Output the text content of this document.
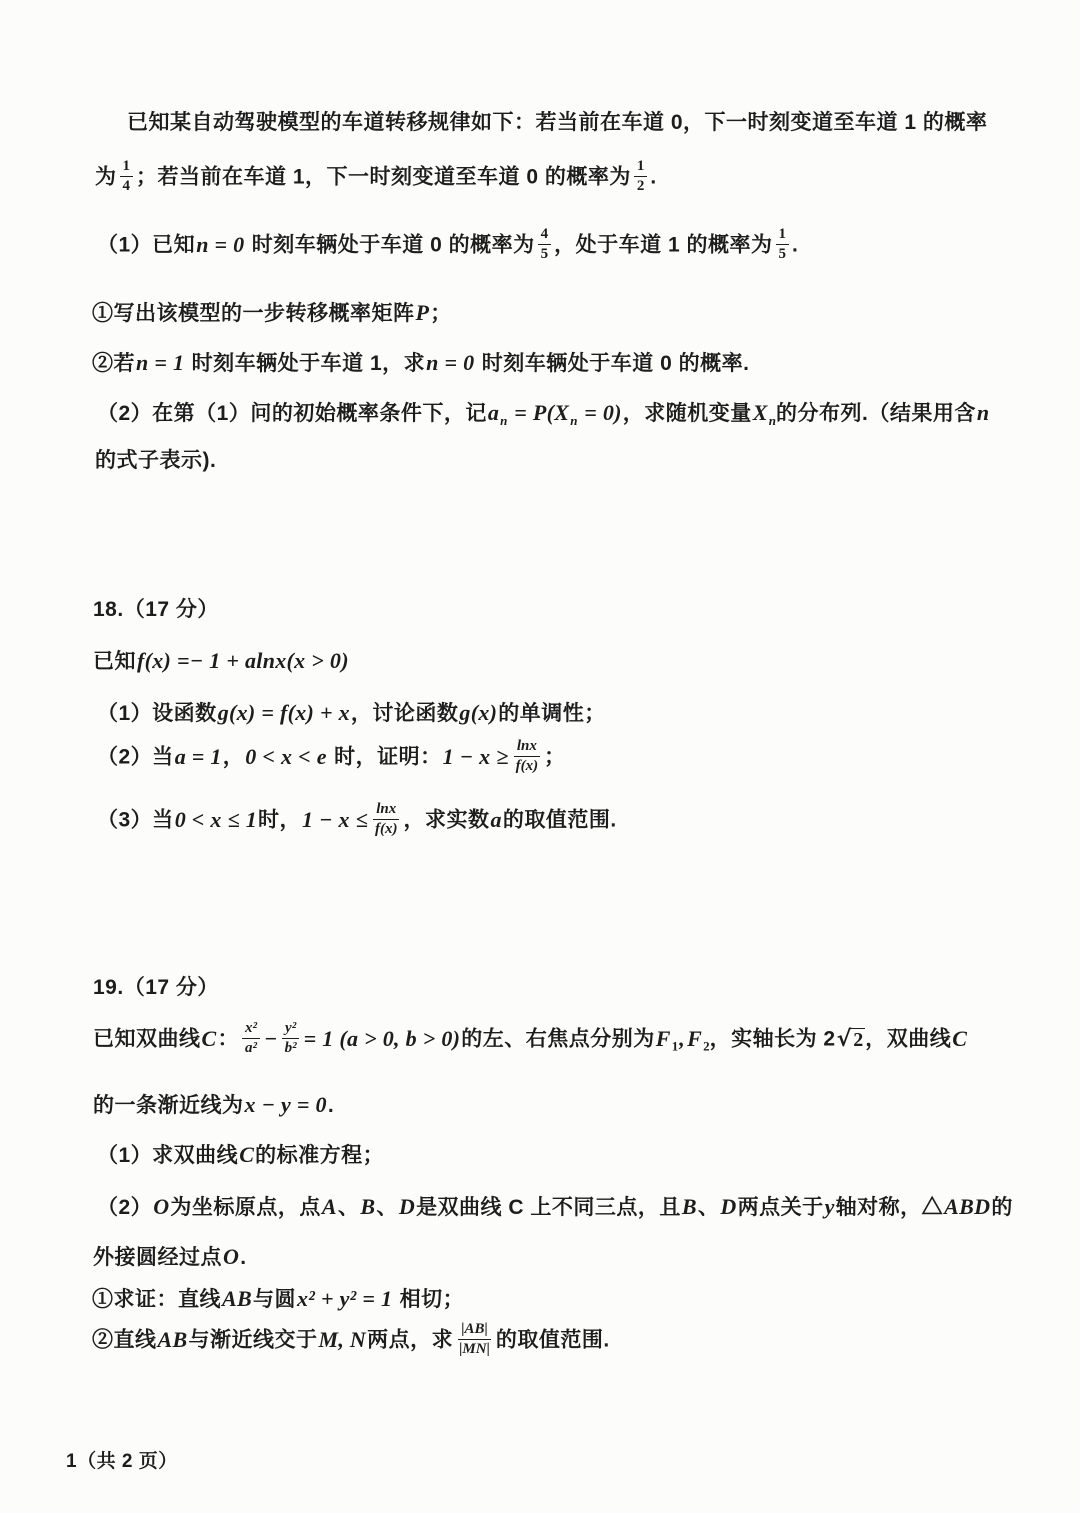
已知某自动驾驶模型的车道转移规律如下：若当前在车道 0，下一时刻变道至车道 1 的概率
为 $\frac{1}{4}$ ；若当前在车道 1，下一时刻变道至车道 0 的概率为 $\frac{1}{2}$ .
（1）已知n = 0 时刻车辆处于车道 0 的概率为 $\frac{4}{5}$ ，处于车道 1 的概率为 $\frac{1}{5}$ .
①写出该模型的一步转移概率矩阵P；
②若n = 1 时刻车辆处于车道 1，求n = 0 时刻车辆处于车道 0 的概率.
（2）在第（1）问的初始概率条件下，记$a_n = P(X_n = 0)$，求随机变量$X_n$的分布列.（结果用含n
的式子表示).
18.（17 分）
已知f(x) =− 1 + alnx(x > 0)
（1）设函数g(x) = f(x) + x，讨论函数g(x)的单调性；
（2）当a = 1，0 < x < e 时，证明：$1 - x \ge \frac{\ln x}{f(x)}$ ；
（3）当0 < x ≤ 1时，$1 - x \le \frac{\ln x}{f(x)}$ ，求实数a的取值范围.
19.（17 分）
已知双曲线C： $\frac{\text{x²}}{\text{a²}} - \frac{\text{y²}}{\text{b²}} = 1$ (a > 0, b > 0)的左、右焦点分别为$F_1,F_2$，实轴长为 2√ 2，双曲线C
的一条渐近线为x − y = 0.
（1）求双曲线C的标准方程；
（2）O为坐标原点，点A、B、D是双曲线 C 上不同三点，且B、D两点关于y轴对称，△ABD的
外接圆经过点O.
①求证：直线AB与圆x² + y² = 1 相切；
②直线AB与渐近线交于M, N两点，求 $\frac{|AB|}{|MN|}$ 的取值范围.
1（共 2 页）
